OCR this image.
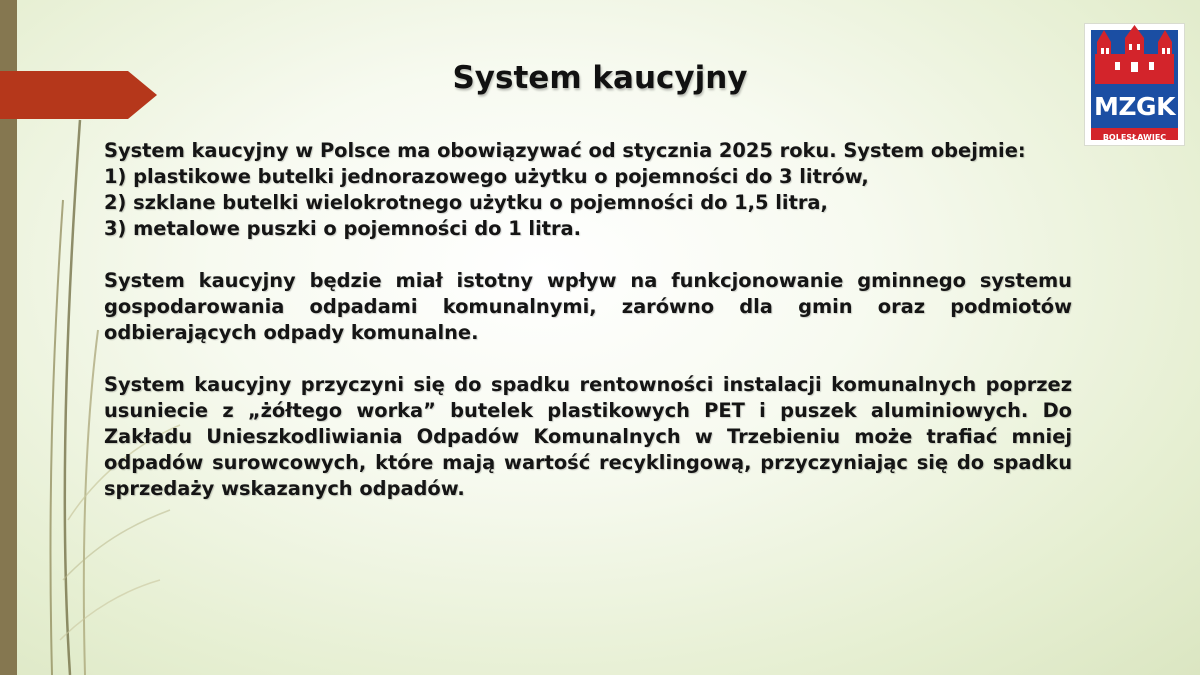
System kaucyjny

System kaucyjny w Polsce ma obowiązywać od stycznia 2025 roku. System obejmie:

1) plastikowe butelki jednorazowego użytku o pojemności do 3 litrów,
2) szklane butelki wielokrotnego użytku o pojemności do 1,5 litra,
3) metalowe puszki o pojemności do 1 litra.

System kaucyjny będzie miał istotny wpływ na funkcjonowanie gminnego systemu gospodarowania odpadami komunalnymi, zarówno dla gmin oraz podmiotów odbierających odpady komunalne.

System kaucyjny przyczyni się do spadku rentowności instalacji komunalnych poprzez usuniecie z „żółtego worka” butelek plastikowych PET i puszek aluminiowych. Do Zakładu Unieszkodliwiania Odpadów Komunalnych w Trzebieniu może trafiać mniej odpadów surowcowych, które mają wartość recyklingową, przyczyniając się do spadku sprzedaży wskazanych odpadów.

MZGK
BOLESŁAWIEC
